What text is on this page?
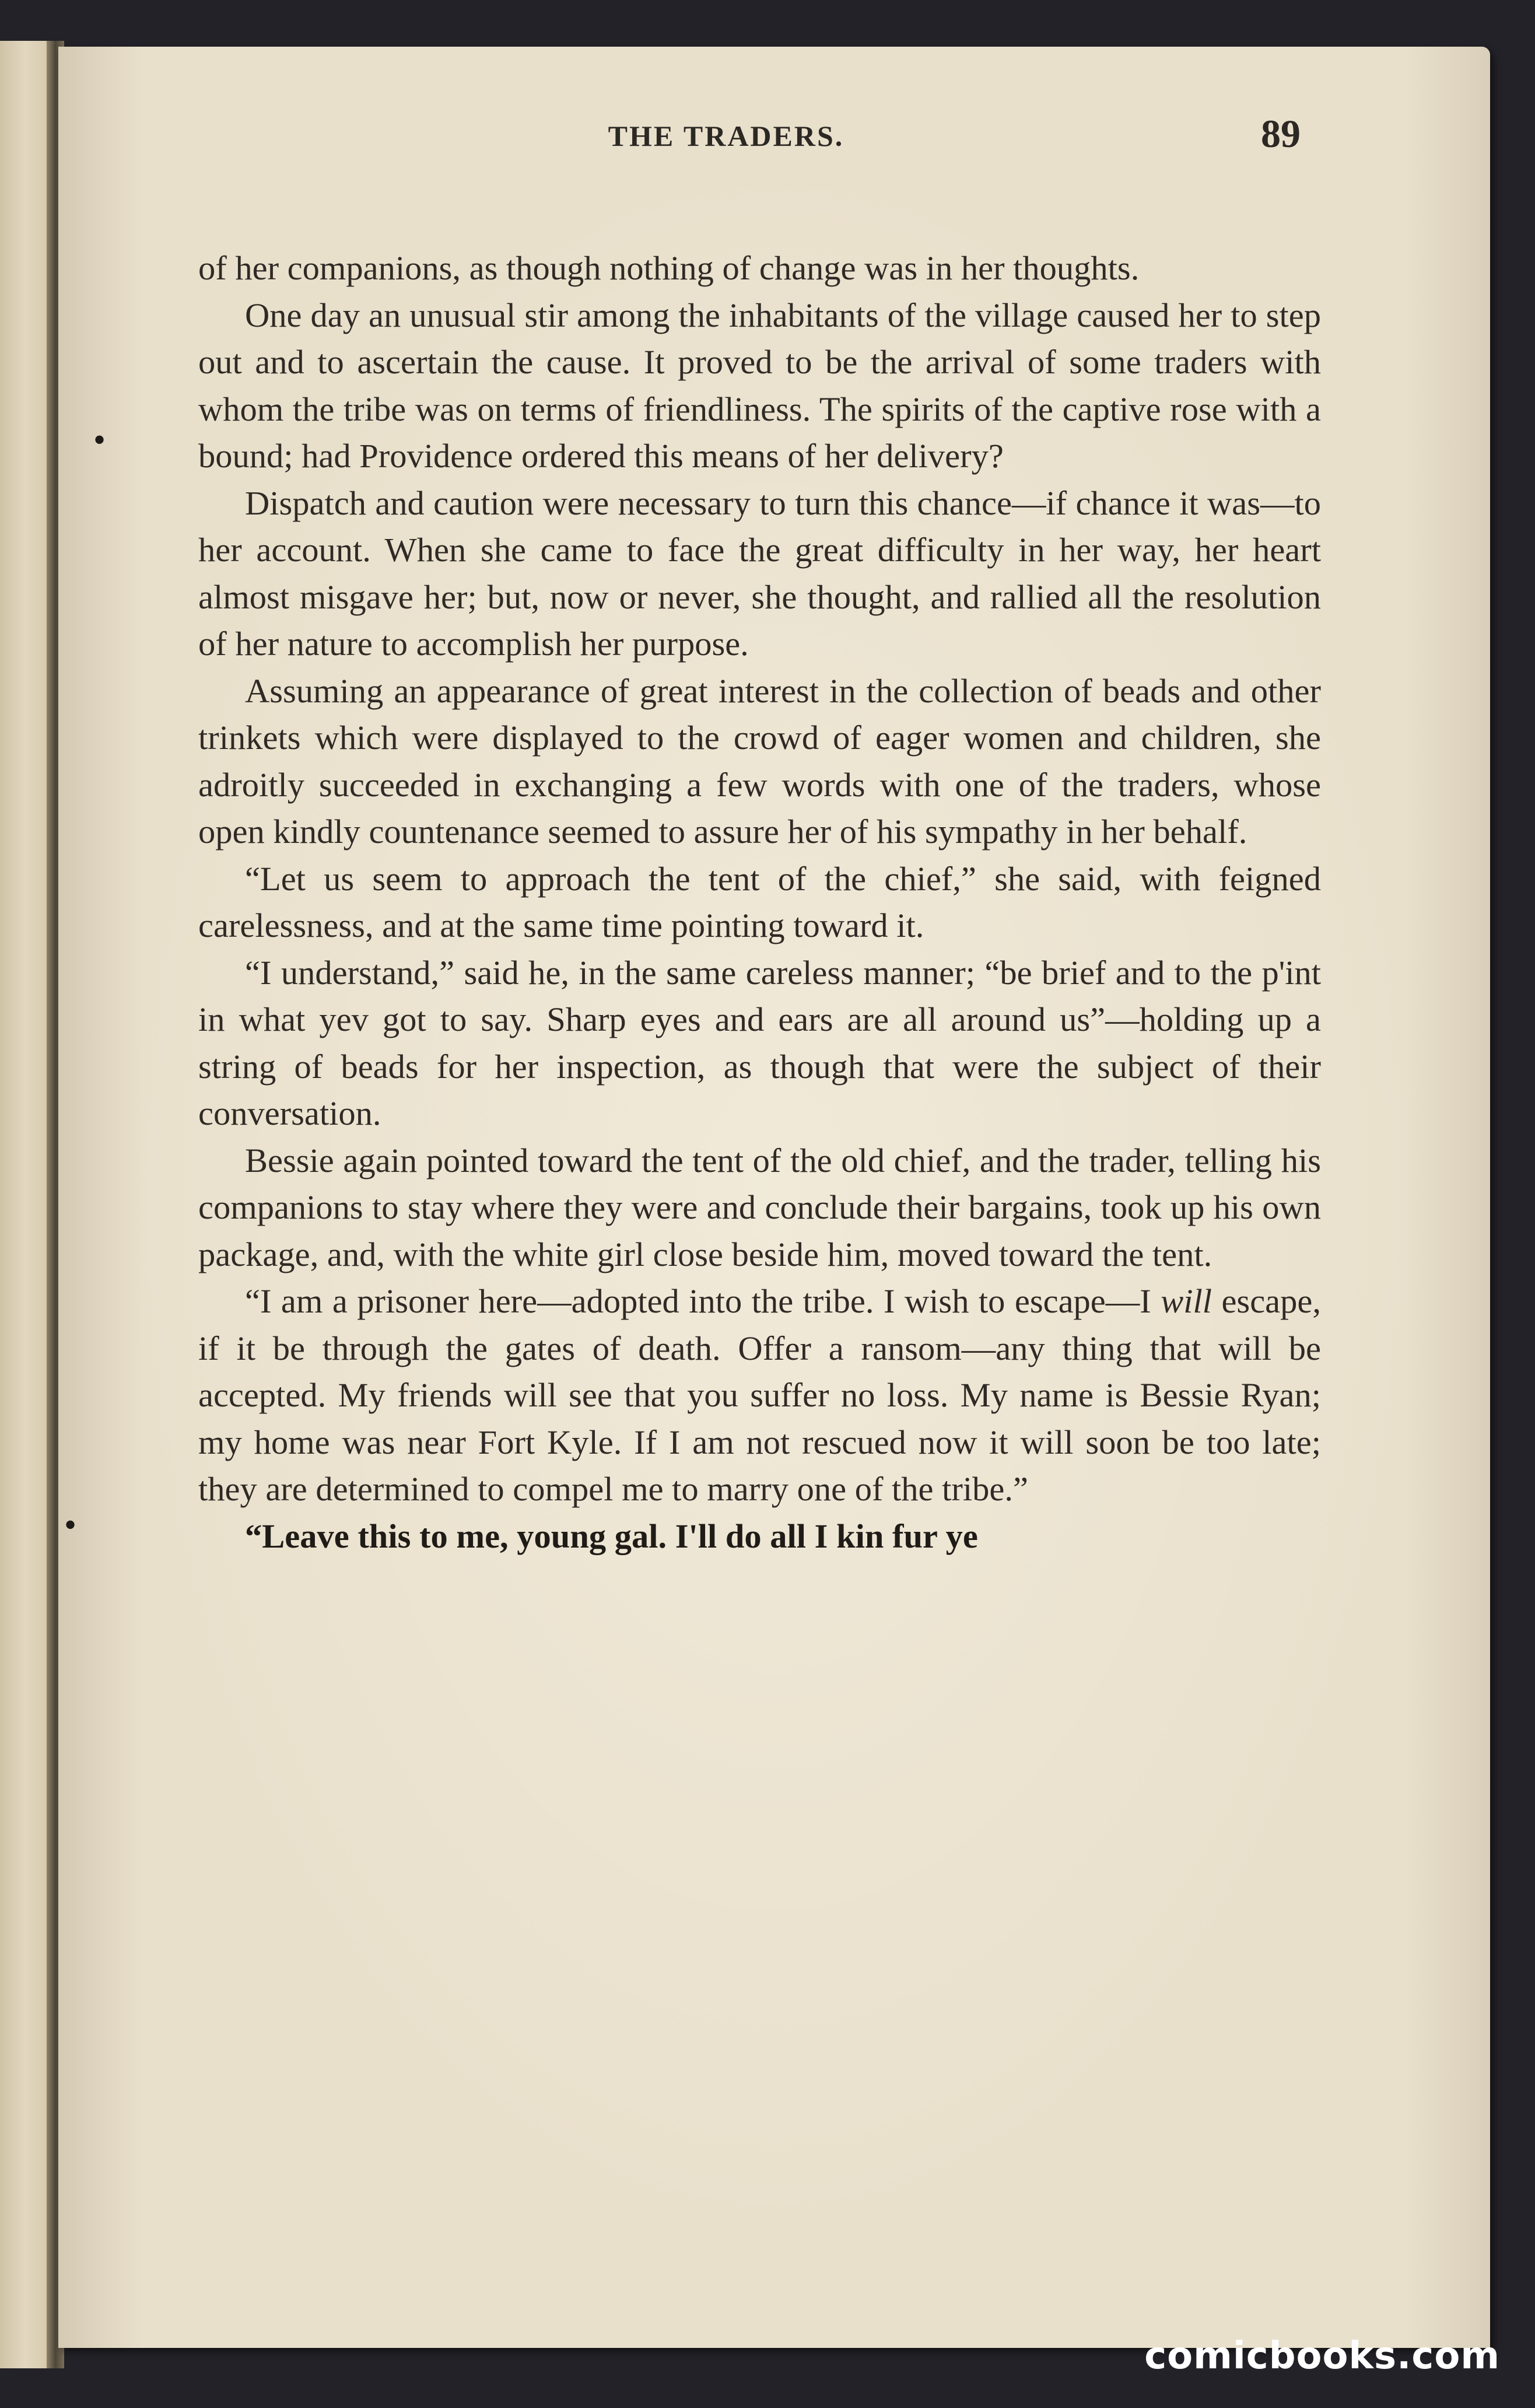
•
•
THE TRADERS.	89

of her companions, as though nothing of change was in her thoughts.

One day an unusual stir among the inhabitants of the village caused her to step out and to ascertain the cause. It proved to be the arrival of some traders with whom the tribe was on terms of friendliness. The spirits of the captive rose with a bound; had Providence ordered this means of her delivery?

Dispatch and caution were necessary to turn this chance—if chance it was—to her account. When she came to face the great difficulty in her way, her heart almost misgave her; but, now or never, she thought, and rallied all the resolution of her nature to accomplish her purpose.

Assuming an appearance of great interest in the collection of beads and other trinkets which were displayed to the crowd of eager women and children, she adroitly succeeded in exchanging a few words with one of the traders, whose open kindly countenance seemed to assure her of his sympathy in her behalf.

“Let us seem to approach the tent of the chief,” she said, with feigned carelessness, and at the same time pointing toward it.

“I understand,” said he, in the same careless manner; “be brief and to the p'int in what yev got to say. Sharp eyes and ears are all around us”—holding up a string of beads for her inspection, as though that were the subject of their conversation.

Bessie again pointed toward the tent of the old chief, and the trader, telling his companions to stay where they were and conclude their bargains, took up his own package, and, with the white girl close beside him, moved toward the tent.

“I am a prisoner here—adopted into the tribe. I wish to escape—I will escape, if it be through the gates of death. Offer a ransom—any thing that will be accepted. My friends will see that you suffer no loss. My name is Bessie Ryan; my home was near Fort Kyle. If I am not rescued now it will soon be too late; they are determined to compel me to marry one of the tribe.”

“Leave this to me, young gal. I'll do all I kin fur ye

comicbooks.com
